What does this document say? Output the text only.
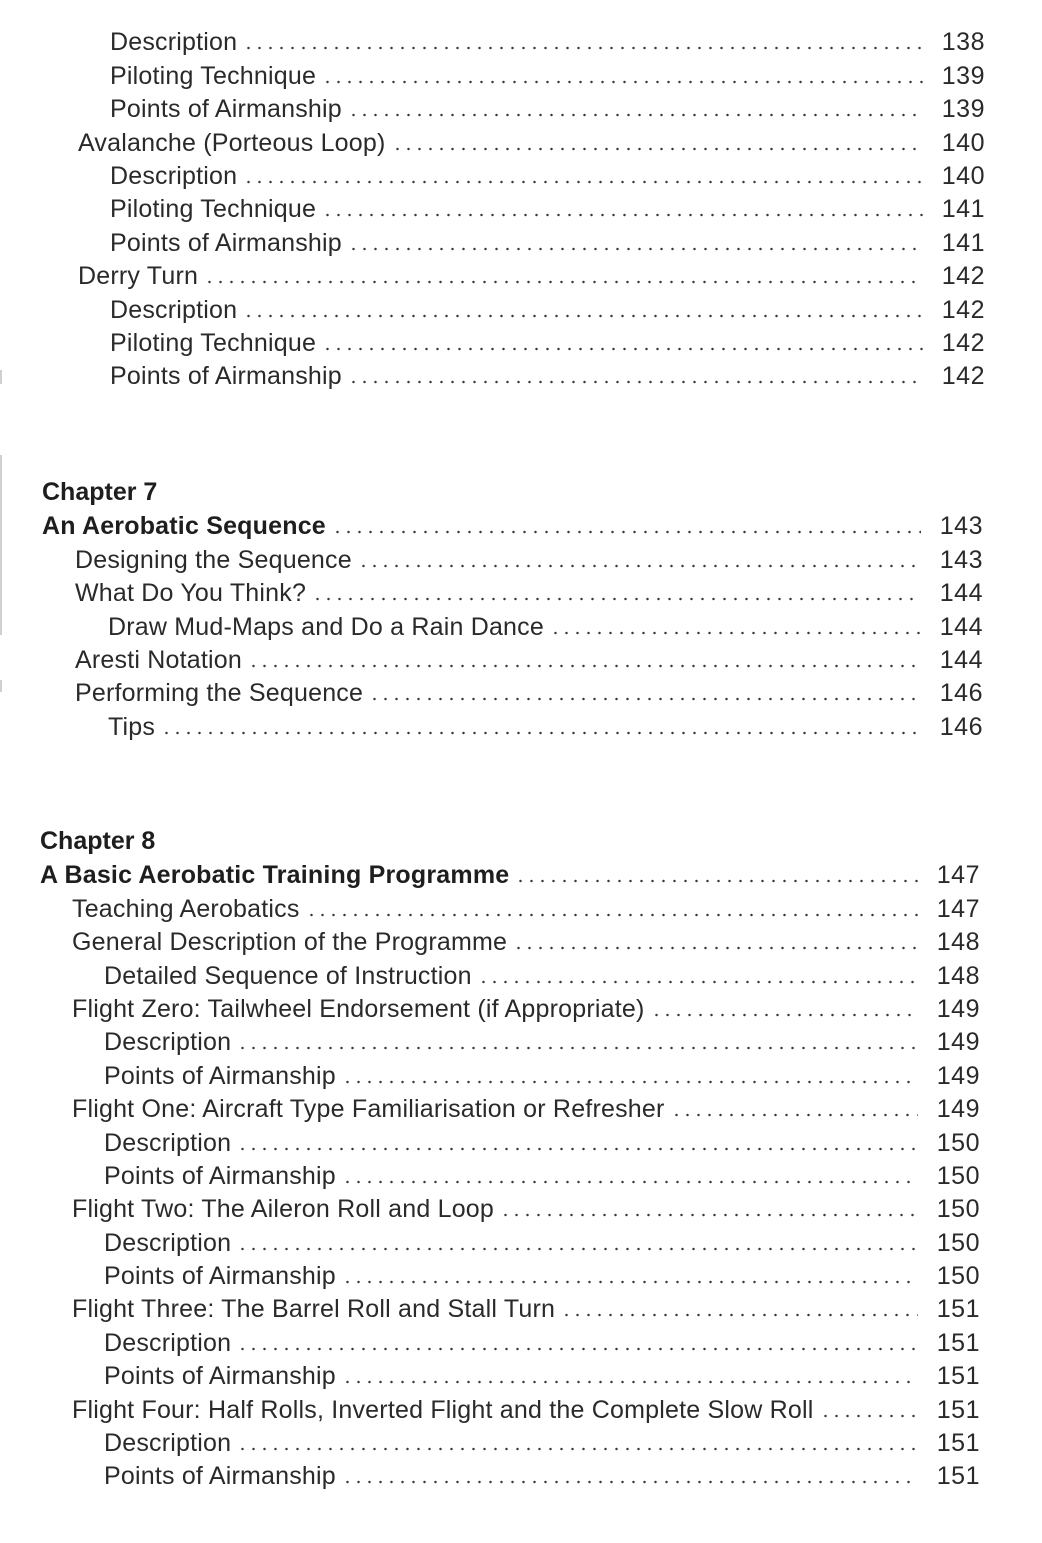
Description	138
Piloting Technique	139
Points of Airmanship	139
Avalanche (Porteous Loop)	140
Description	140
Piloting Technique	141
Points of Airmanship	141
Derry Turn	142
Description	142
Piloting Technique	142
Points of Airmanship	142
Chapter 7
An Aerobatic Sequence	143
Designing the Sequence	143
What Do You Think?	144
Draw Mud-Maps and Do a Rain Dance	144
Aresti Notation	144
Performing the Sequence	146
Tips	146
Chapter 8
A Basic Aerobatic Training Programme	147
Teaching Aerobatics	147
General Description of the Programme	148
Detailed Sequence of Instruction	148
Flight Zero: Tailwheel Endorsement (if Appropriate)	149
Description	149
Points of Airmanship	149
Flight One: Aircraft Type Familiarisation or Refresher	149
Description	150
Points of Airmanship	150
Flight Two: The Aileron Roll and Loop	150
Description	150
Points of Airmanship	150
Flight Three: The Barrel Roll and Stall Turn	151
Description	151
Points of Airmanship	151
Flight Four: Half Rolls, Inverted Flight and the Complete Slow Roll	151
Description	151
Points of Airmanship	151
